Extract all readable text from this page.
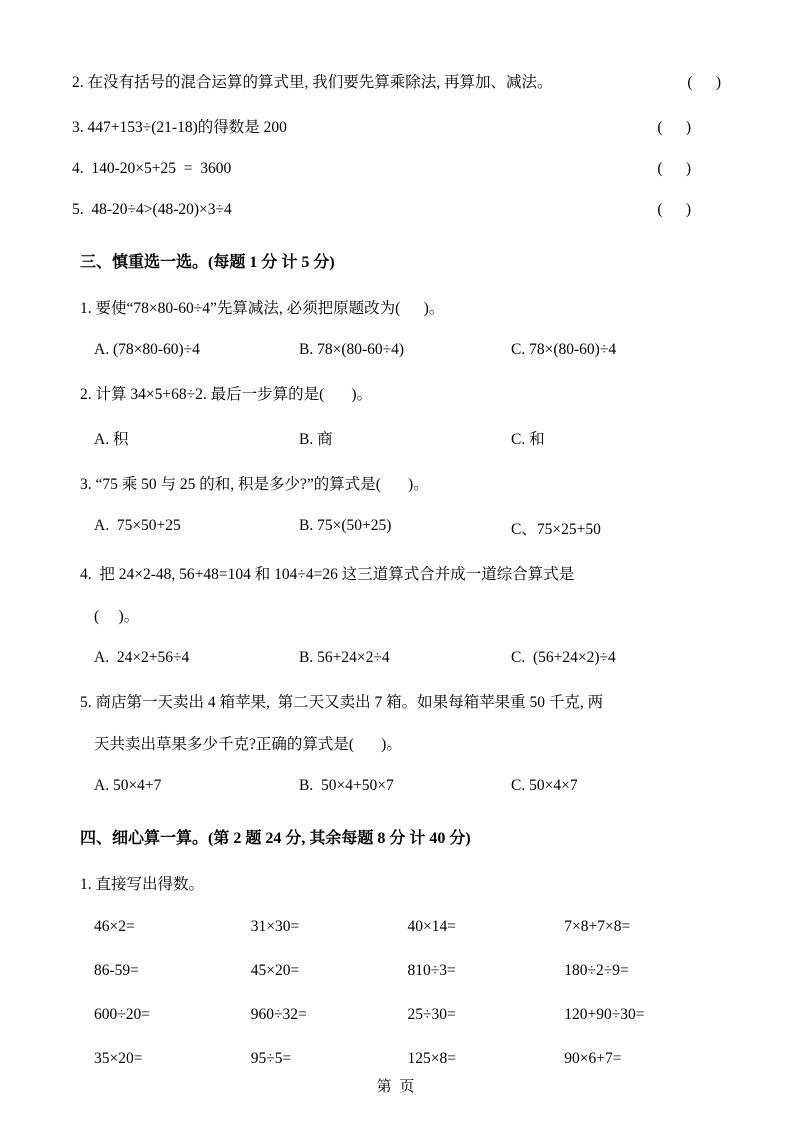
2. 在没有括号的混合运算的算式里, 我们要先算乘除法, 再算加、减法。	(      )
3. 447+153÷(21-18)的得数是 200	(      )
4.  140-20×5+25  =  3600	(      )
5.  48-20÷4>(48-20)×3÷4	(      )
三、慎重选一选。(每题 1 分 计 5 分)
1. 要使“78×80-60÷4”先算减法, 必须把原题改为(      )。
A. (78×80-60)÷4	B. 78×(80-60÷4)	C. 78×(80-60)÷4
2. 计算 34×5+68÷2. 最后一步算的是(       )。
A. 积	B. 商	C. 和
3. “75 乘 50 与 25 的和, 积是多少?”的算式是(       )。
A.  75×50+25	B. 75×(50+25)	C、75×25+50
4.  把 24×2-48, 56+48=104 和 104÷4=26 这三道算式合并成一道综合算式是
(     )。
A.  24×2+56÷4	B. 56+24×2÷4	C.  (56+24×2)÷4
5. 商店第一天卖出 4 箱苹果,  第二天又卖出 7 箱。如果每箱苹果重 50 千克, 两
天共卖出草果多少千克?正确的算式是(       )。
A. 50×4+7	B.  50×4+50×7	C. 50×4×7
四、细心算一算。(第 2 题 24 分, 其余每题 8 分 计 40 分)
1. 直接写出得数。
46×2=	31×30=	40×14=	7×8+7×8=
86-59=	45×20=	810÷3=	180÷2÷9=
600÷20=	960÷32=	25÷30=	120+90÷30=
35×20=	95÷5=	125×8=	90×6+7=
第 页
